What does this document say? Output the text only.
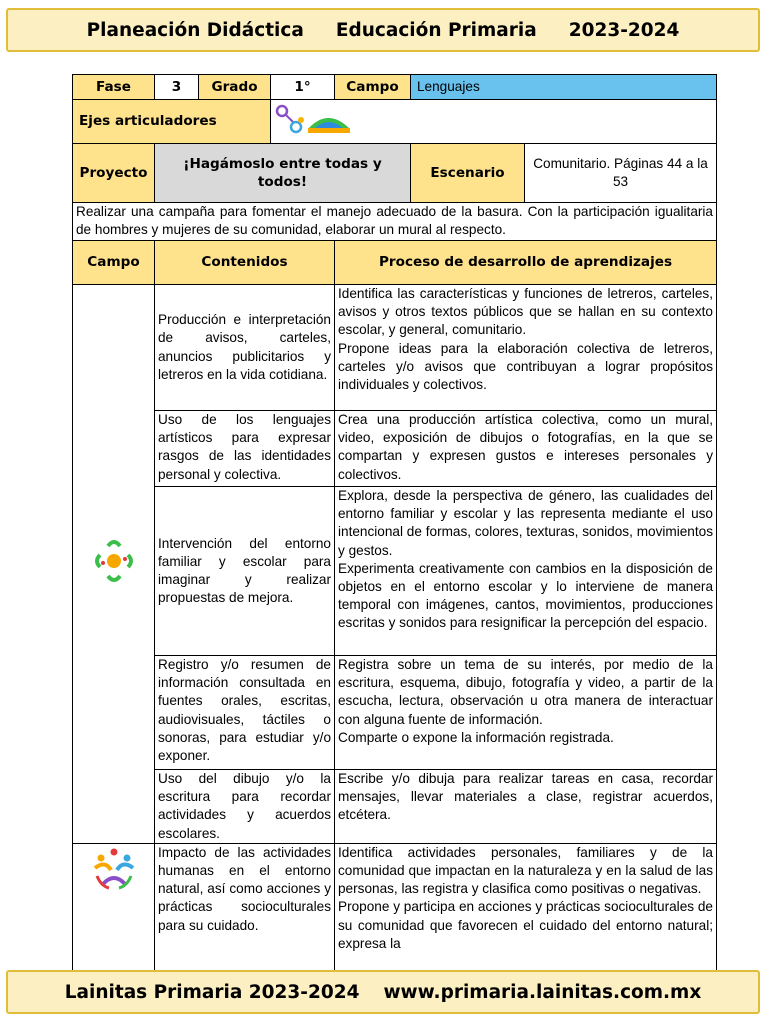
Planeación Didáctica Educación Primaria 2023-2024
Fase	3	Grado	1°	Campo	Lenguajes	
Ejes articuladores	
Proyecto	¡Hagámoslo entre todas y todos!				Escenario	Comunitario. Páginas 44 a la 53
Realizar una campaña para fomentar el manejo adecuado de la basura. Con la participación igualitaria de hombres y mujeres de su comunidad, elaborar un mural al respecto.						
Campo	Contenidos			Proceso de desarrollo de aprendizajes		
	Producción e interpretación de avisos, carteles, anuncios publicitarios y letreros en la vida cotidiana.			Identifica las características y funciones de letreros, carteles, avisos y otros textos públicos que se hallan en su contexto escolar, y general, comunitario.

Propone ideas para la elaboración colectiva de letreros, carteles y/o avisos que contribuyan a lograr propósitos individuales y colectivos.		

	Uso de los lenguajes artísticos para expresar rasgos de las identidades personal y colectiva.			Crea una producción artística colectiva, como un mural, video, exposición de dibujos o fotografías, en la que se compartan y expresen gustos e intereses personales y colectivos.		
	Intervención del entorno familiar y escolar para imaginar y realizar propuestas de mejora.			Explora, desde la perspectiva de género, las cualidades del entorno familiar y escolar y las representa mediante el uso intencional de formas, colores, texturas, sonidos, movimientos y gestos.

Experimenta creativamente con cambios en la disposición de objetos en el entorno escolar y lo interviene de manera temporal con imágenes, cantos, movimientos, producciones escritas y sonidos para resignificar la percepción del espacio.		

	Registro y/o resumen de información consultada en fuentes orales, escritas, audiovisuales, táctiles o sonoras, para estudiar y/o exponer.			Registra sobre un tema de su interés, por medio de la escritura, esquema, dibujo, fotografía y video, a partir de la escucha, lectura, observación u otra manera de interactuar con alguna fuente de información.

Comparte o expone la información registrada.		

	Uso del dibujo y/o la escritura para recordar actividades y acuerdos escolares.			Escribe y/o dibuja para realizar tareas en casa, recordar mensajes, llevar materiales a clase, registrar acuerdos, etcétera.		
	Impacto de las actividades humanas en el entorno natural, así como acciones y prácticas socioculturales para su cuidado.			Identifica actividades personales, familiares y de la comunidad que impactan en la naturaleza y en la salud de las personas, las registra y clasifica como positivas o negativas.

Propone y participa en acciones y prácticas socioculturales de su comunidad que favorecen el cuidado del entorno natural; expresa la		

Lainitas Primaria 2023-2024 www.primaria.lainitas.com.mx
